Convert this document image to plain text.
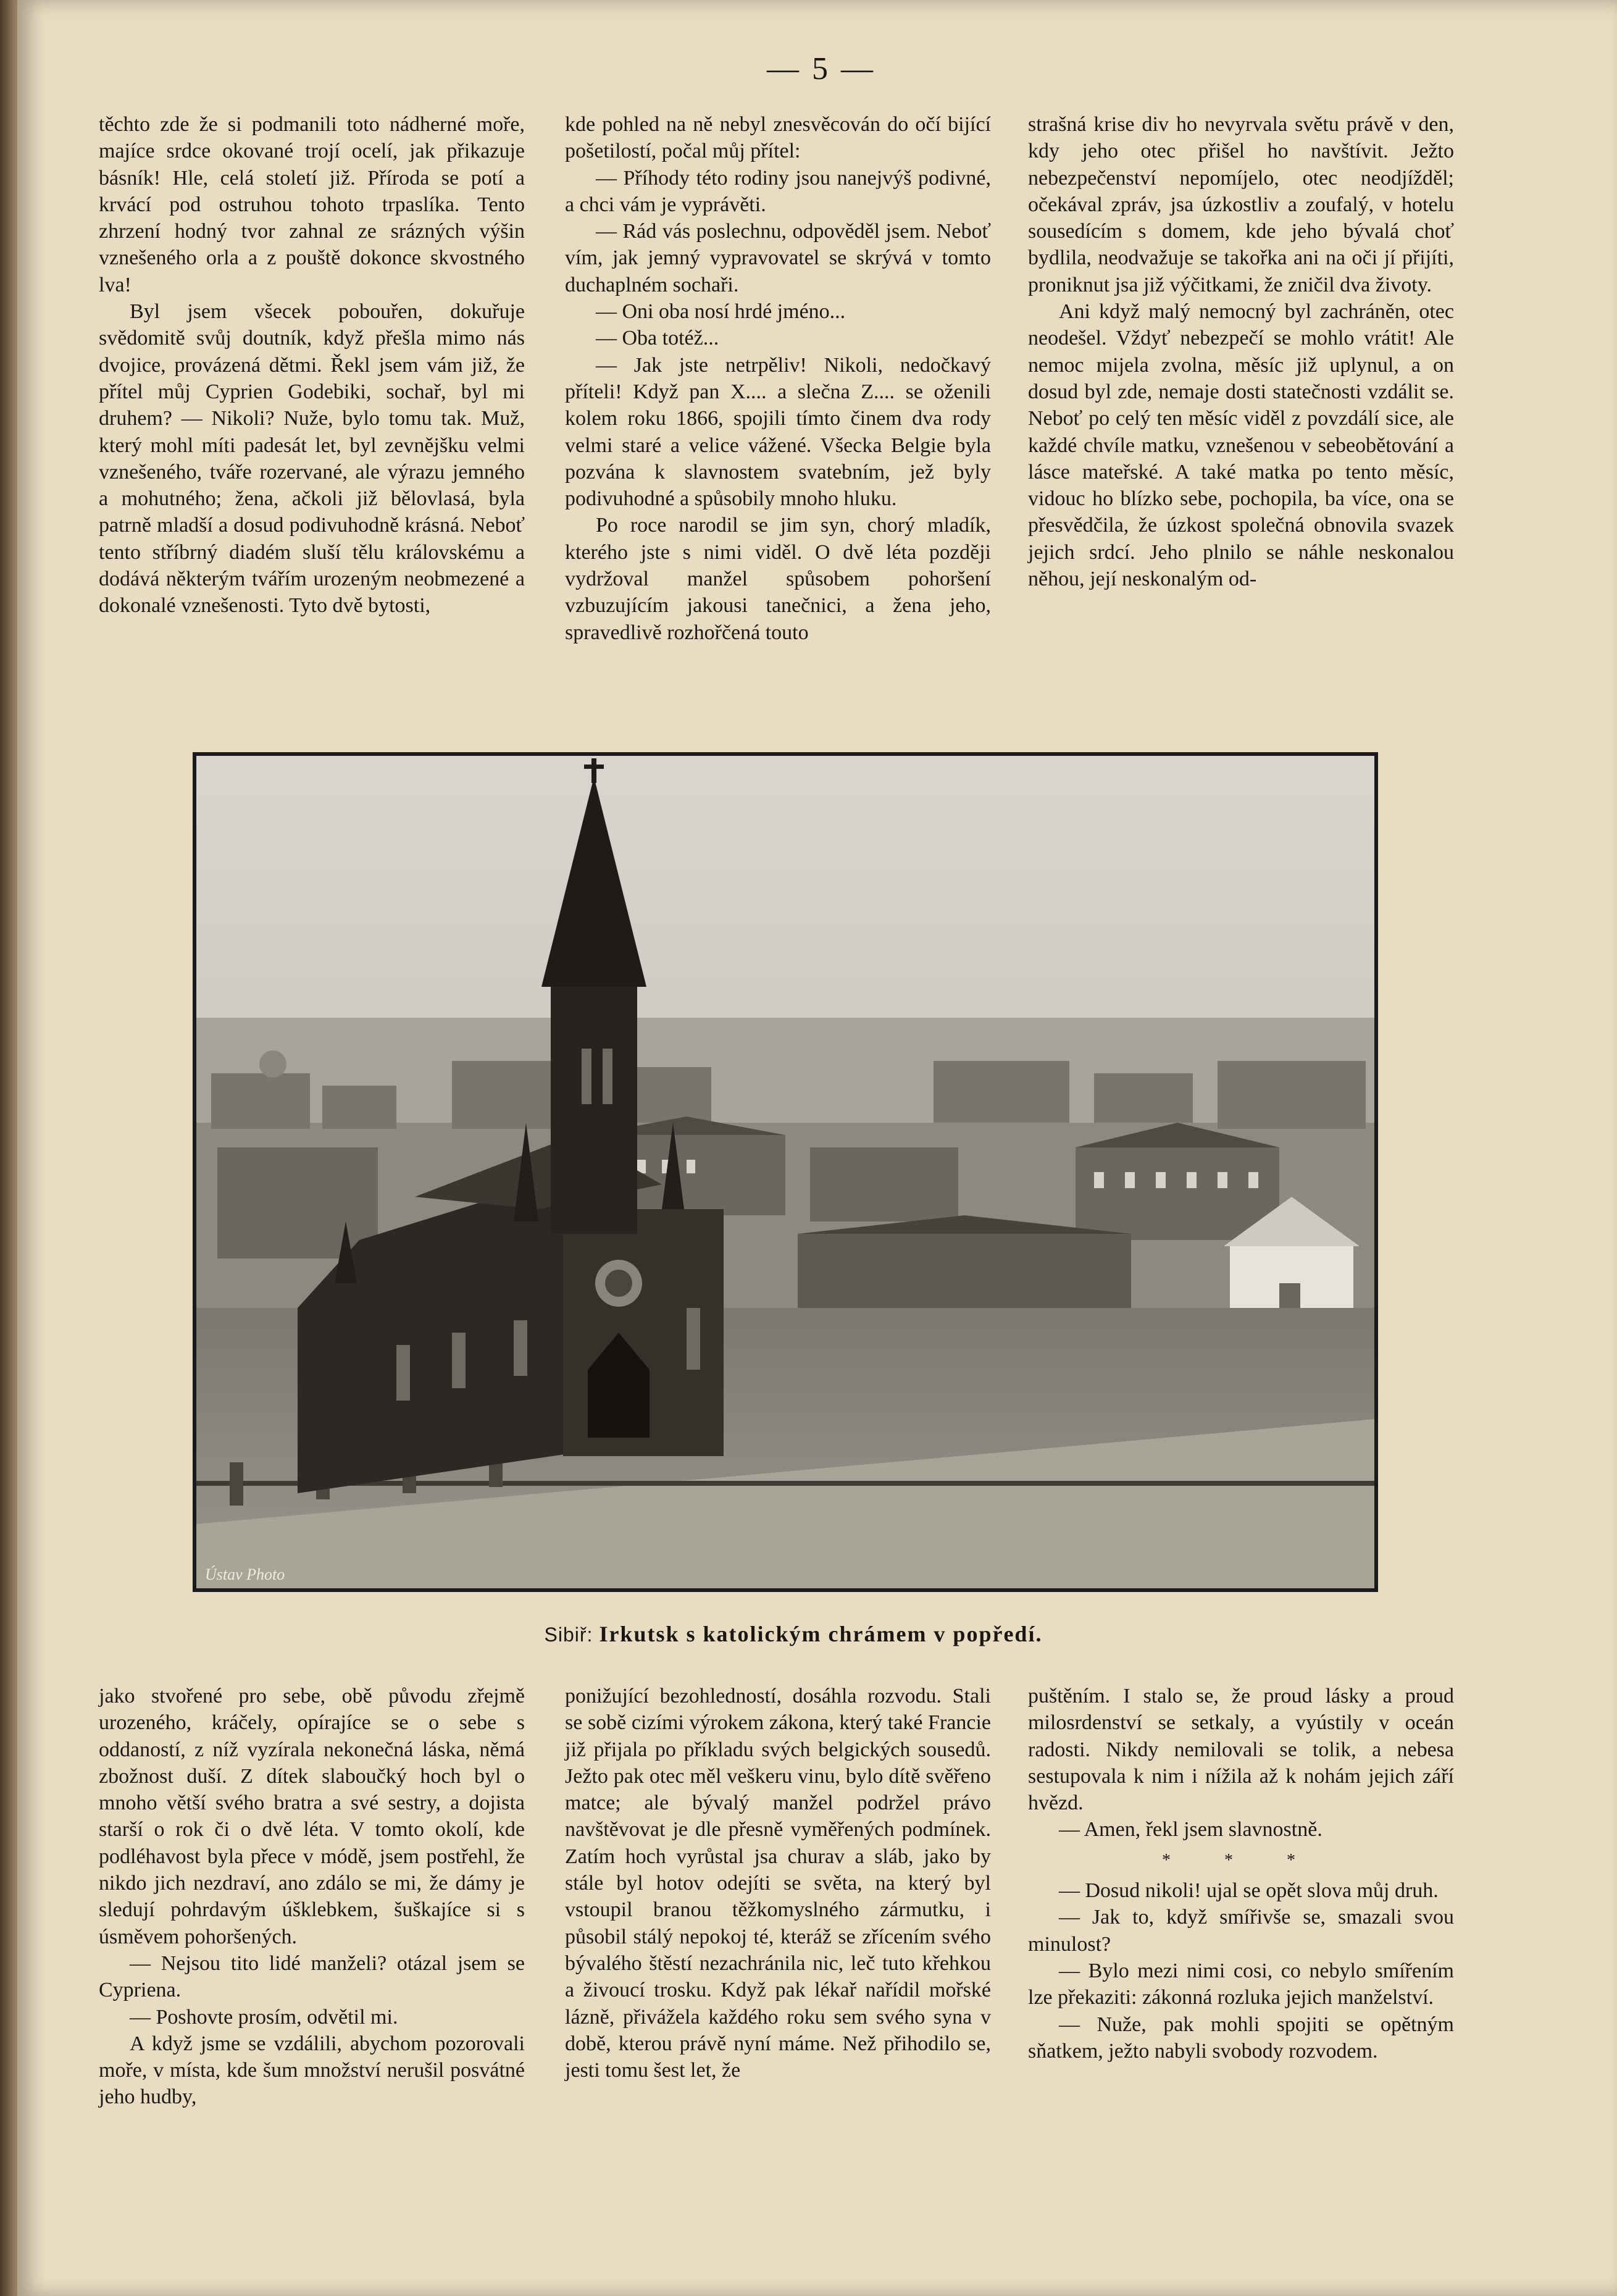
— 5 —

těchto zde že si podmanili toto nádherné moře, majíce srdce okované trojí ocelí, jak přikazuje básník! Hle, celá století již. Příroda se potí a krvácí pod ostruhou tohoto trpaslíka. Tento zhrzení hodný tvor zahnal ze srázných výšin vznešeného orla a z pouště dokonce skvostného lva!

Byl jsem všecek pobouřen, dokuřuje svědomitě svůj doutník, když přešla mimo nás dvojice, provázená dětmi. Řekl jsem vám již, že přítel můj Cyprien Godebiki, sochař, byl mi druhem? — Nikoli? Nuže, bylo tomu tak. Muž, který mohl míti padesát let, byl zevnějšku velmi vznešeného, tváře rozervané, ale výrazu jemného a mohutného; žena, ačkoli již bělovlasá, byla patrně mladší a dosud podivuhodně krásná. Neboť tento stříbrný diadém sluší tělu královskému a dodává některým tvářím urozeným neobmezené a dokonalé vznešenosti. Tyto dvě bytosti,

kde pohled na ně nebyl znesvěcován do očí bijící pošetilostí, počal můj přítel:

— Příhody této rodiny jsou nanejvýš podivné, a chci vám je vyprávěti.

— Rád vás poslechnu, odpověděl jsem. Neboť vím, jak jemný vypravovatel se skrývá v tomto duchaplném sochaři.

— Oni oba nosí hrdé jméno...

— Oba totéž...

— Jak jste netrpěliv! Nikoli, nedočkavý příteli! Když pan X.... a slečna Z.... se oženili kolem roku 1866, spojili tímto činem dva rody velmi staré a velice vážené. Všecka Belgie byla pozvána k slavnostem svatebním, jež byly podivuhodné a spůsobily mnoho hluku.

Po roce narodil se jim syn, chorý mladík, kterého jste s nimi viděl. O dvě léta později vydržoval manžel spůsobem pohoršení vzbuzujícím jakousi tanečnici, a žena jeho, spravedlivě rozhořčená touto

strašná krise div ho nevyrvala světu právě v den, kdy jeho otec přišel ho navštívit. Ježto nebezpečenství nepomíjelo, otec neodjížděl; očekával zpráv, jsa úzkostliv a zoufalý, v hotelu sousedícím s domem, kde jeho bývalá choť bydlila, neodvažuje se takořka ani na oči jí přijíti, proniknut jsa již výčitkami, že zničil dva životy.

Ani když malý nemocný byl zachráněn, otec neodešel. Vždyť nebezpečí se mohlo vrátit! Ale nemoc mijela zvolna, měsíc již uplynul, a on dosud byl zde, nemaje dosti statečnosti vzdálit se. Neboť po celý ten měsíc viděl z povzdálí sice, ale každé chvíle matku, vznešenou v sebeobětování a lásce mateřské. A také matka po tento měsíc, vidouc ho blízko sebe, pochopila, ba více, ona se přesvědčila, že úzkost společná obnovila svazek jejich srdcí. Jeho plnilo se náhle neskonalou něhou, její neskonalým od-

Ústav Photo
Sibiř: Irkutsk s katolickým chrámem v popředí.

jako stvořené pro sebe, obě původu zřejmě urozeného, kráčely, opírajíce se o sebe s oddaností, z níž vyzírala nekonečná láska, němá zbožnost duší. Z dítek slaboučký hoch byl o mnoho větší svého bratra a své sestry, a dojista starší o rok či o dvě léta. V tomto okolí, kde podléhavost byla přece v módě, jsem postřehl, že nikdo jich nezdraví, ano zdálo se mi, že dámy je sledují pohrdavým úšklebkem, šuškajíce si s úsměvem pohoršených.

— Nejsou tito lidé manželi? otázal jsem se Cypriena.

— Poshovte prosím, odvětil mi.

A když jsme se vzdálili, abychom pozorovali moře, v místa, kde šum množství nerušil posvátné jeho hudby,

ponižující bezohledností, dosáhla rozvodu. Stali se sobě cizími výrokem zákona, který také Francie již přijala po příkladu svých belgických sousedů. Ježto pak otec měl veškeru vinu, bylo dítě svěřeno matce; ale bývalý manžel podržel právo navštěvovat je dle přesně vyměřených podmínek. Zatím hoch vyrůstal jsa churav a sláb, jako by stále byl hotov odejíti se světa, na který byl vstoupil branou těžkomyslného zármutku, i působil stálý nepokoj té, kteráž se zřícením svého bývalého štěstí nezachránila nic, leč tuto křehkou a živoucí trosku. Když pak lékař nařídil mořské lázně, přivážela každého roku sem svého syna v době, kterou právě nyní máme. Než přihodilo se, jesti tomu šest let, že

puštěním. I stalo se, že proud lásky a proud milosrdenství se setkaly, a vyústily v oceán radosti. Nikdy nemilovali se tolik, a nebesa sestupovala k nim i nížila až k nohám jejich září hvězd.

— Amen, řekl jsem slavnostně.

* * *

— Dosud nikoli! ujal se opět slova můj druh.

— Jak to, když smířivše se, smazali svou minulost?

— Bylo mezi nimi cosi, co nebylo smířením lze překaziti: zákonná rozluka jejich manželství.

— Nuže, pak mohli spojiti se opětným sňatkem, ježto nabyli svobody rozvodem.
